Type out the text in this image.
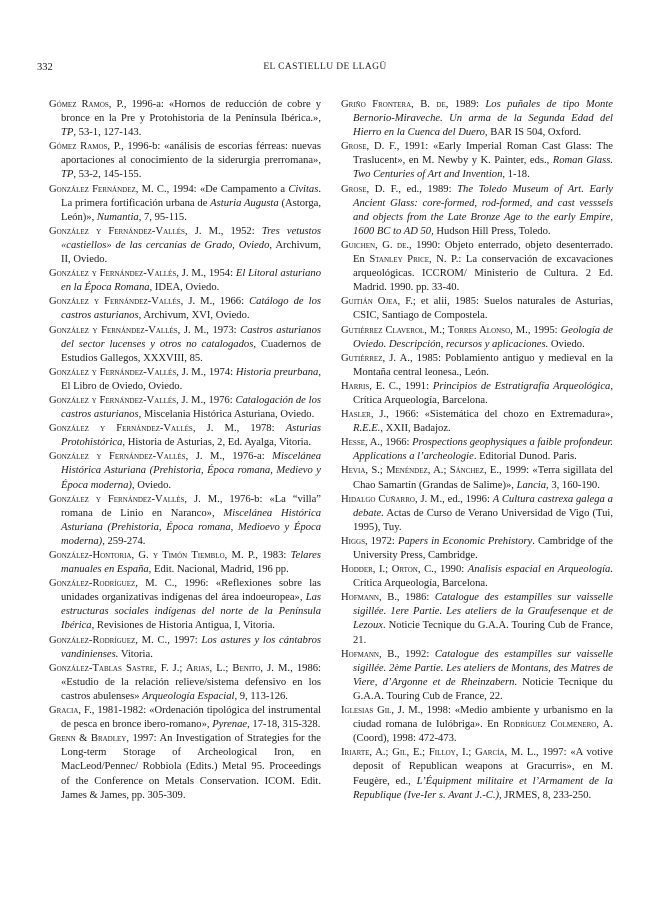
332	EL CASTIELLU DE LLAGÜ

Gómez Ramos, P., 1996-a: «Hornos de reducción de cobre y bronce en la Pre y Protohistoria de la Península Ibérica.», TP, 53-1, 127-143.

Gómez Ramos, P., 1996-b: «análisis de escorias férreas: nuevas aportaciones al conocimiento de la siderurgia prerromana», TP, 53-2, 145-155.

González Fernández, M. C., 1994: «De Campamento a Civitas. La primera fortificación urbana de Asturia Augusta (Astorga, León)», Numantia, 7, 95-115.

González y Fernández-Vallés, J. M., 1952: Tres vetustos «castiellos» de las cercanías de Grado, Oviedo, Archivum, II, Oviedo.

González y Fernández-Vallés, J. M., 1954: El Litoral asturiano en la Época Romana, IDEA, Oviedo.

González y Fernández-Vallés, J. M., 1966: Catálogo de los castros asturianos, Archivum, XVI, Oviedo.

González y Fernández-Vallés, J. M., 1973: Castros asturianos del sector lucenses y otros no catalogados, Cuadernos de Estudios Gallegos, XXXVIII, 85.

González y Fernández-Vallés, J. M., 1974: Historia preurbana, El Libro de Oviedo, Oviedo.

González y Fernández-Vallés, J. M., 1976: Catalogación de los castros asturianos, Miscelania Histórica Asturiana, Oviedo.

González y Fernández-Vallés, J. M., 1978: Asturias Protohistórica, Historia de Asturias, 2, Ed. Ayalga, Vitoria.

González y Fernández-Vallés, J. M., 1976-a: Miscelánea Histórica Asturiana (Prehistoria, Época romana, Medievo y Época moderna), Oviedo.

González y Fernández-Vallés, J. M., 1976-b: «La “villa” romana de Linio en Naranco», Miscelánea Histórica Asturiana (Prehistoria, Época romana, Medioevo y Época moderna), 259-274.

González-Hontoria, G. y Timón Tiemblo, M. P., 1983: Telares manuales en España, Edit. Nacional, Madrid, 196 pp.

González-Rodríguez, M. C., 1996: «Reflexiones sobre las unidades organizativas indígenas del área indoeuropea», Las estructuras sociales indígenas del norte de la Península Ibérica, Revisiones de Historia Antigua, I, Vitoria.

González-Rodríguez, M. C., 1997: Los astures y los cántabros vandinienses. Vitoria.

González-Tablas Sastre, F. J.; Arias, L.; Benito, J. M., 1986: «Estudio de la relación relieve/sistema defensivo en los castros abulenses» Arqueología Espacial, 9, 113-126.

Gracia, F., 1981-1982: «Ordenación tipológica del instrumental de pesca en bronce ibero-romano», Pyrenae, 17-18, 315-328.

Grenn & Bradley, 1997: An Investigation of Strategies for the Long-term Storage of Archeological Iron, en MacLeod/Pennec/ Robbiola (Edits.) Metal 95. Proceedings of the Conference on Metals Conservation. ICOM. Edit. James & James, pp. 305-309.

Griño Frontera, B. de, 1989: Los puñales de tipo Monte Bernorio-Miraveche. Un arma de la Segunda Edad del Hierro en la Cuenca del Duero, BAR IS 504, Oxford.

Grose, D. F., 1991: «Early Imperial Roman Cast Glass: The Traslucent», en M. Newby y K. Painter, eds., Roman Glass. Two Centuries of Art and Invention, 1-18.

Grose, D. F., ed., 1989: The Toledo Museum of Art. Early Ancient Glass: core-formed, rod-formed, and cast vesssels and objects from the Late Bronze Age to the early Empire, 1600 BC to AD 50, Hudson Hill Press, Toledo.

Guichen, G. de., 1990: Objeto enterrado, objeto desenterrado. En Stanley Price, N. P.: La conservación de excavaciones arqueológicas. ICCROM/ Ministerio de Cultura. 2 Ed. Madrid. 1990. pp. 33-40.

Guitián Ojea, F.; et alii, 1985: Suelos naturales de Asturias, CSIC, Santiago de Compostela.

Gutiérrez Claverol, M.; Torres Alonso, M., 1995: Geología de Oviedo. Descripción, recursos y aplicaciones. Oviedo.

Gutiérrez, J. A., 1985: Poblamiento antiguo y medieval en la Montaña central leonesa., León.

Harris, E. C., 1991: Principios de Estratigrafía Arqueológica, Crítica Arqueología, Barcelona.

Hasler, J., 1966: «Sistemática del chozo en Extremadura», R.E.E., XXII, Badajoz.

Hesse, A., 1966: Prospections geophysiques a faible profondeur. Applications a l’archeologie. Editorial Dunod. Paris.

Hevia, S.; Menéndez, A.; Sánchez, E., 1999: «Terra sigillata del Chao Samartín (Grandas de Salime)», Lancia, 3, 160-190.

Hidalgo Cuñarro, J. M., ed., 1996: A Cultura castrexa galega a debate. Actas de Curso de Verano Universidad de Vigo (Tui, 1995), Tuy.

Higgs, 1972: Papers in Economic Prehistory. Cambridge of the University Press, Cambridge.

Hodder, I.; Orton, C., 1990: Analisis espacial en Arqueología. Crítica Arqueología, Barcelona.

Hofmann, B., 1986: Catalogue des estampilles sur vaisselle sigillée. 1ere Partie. Les ateliers de la Graufesenque et de Lezoux. Noticie Tecnique du G.A.A. Touring Cub de France, 21.

Hofmann, B., 1992: Catalogue des estampilles sur vaisselle sigillée. 2ème Partie. Les ateliers de Montans, des Matres de Viere, d’Argonne et de Rheinzabern. Noticie Tecnique du G.A.A. Touring Cub de France, 22.

Iglesias Gil, J. M., 1998: «Medio ambiente y urbanismo en la ciudad romana de Iulóbriga». En Rodríguez Colmenero, A. (Coord), 1998: 472-473.

Iriarte, A.; Gil, E.; Filloy, I.; García, M. L., 1997: «A votive deposit of Republican weapons at Gracurris», en M. Feugère, ed., L’Équipment militaire et l’Armament de la Republique (Ive-Ier s. Avant J.-C.), JRMES, 8, 233-250.
